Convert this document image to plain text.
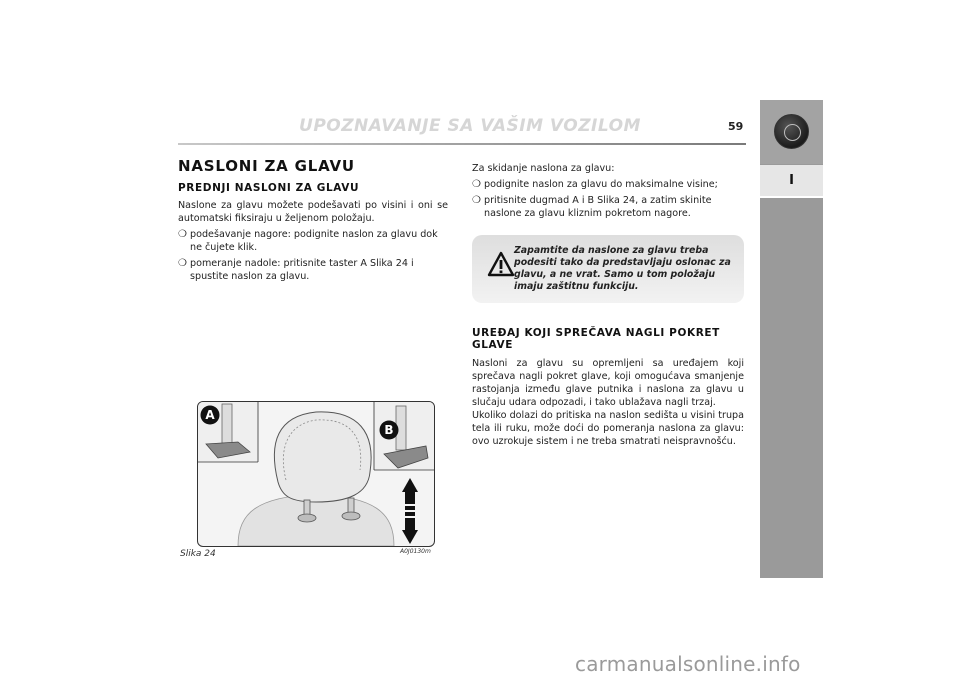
UPOZNAVANJE SA VAŠIM VOZILOM	59
I
NASLONI ZA GLAVU
PREDNJI NASLONI ZA GLAVU

Naslone za glavu možete podešavati po visini i oni se automatski fiksiraju u željenom položaju.

❍ podešavanje nagore: podignite naslon za glavu dok ne čujete klik.
❍ pomeranje nadole: pritisnite taster A Slika 24 i spustite naslon za glavu.
A
B
Slika 24	A0J0130m

Za skidanje naslona za glavu:

❍ podignite naslon za glavu do maksimalne visine;
❍ pritisnite dugmad A i B Slika 24, a zatim skinite naslone za glavu kliznim pokretom nagore.
Zapamtite da naslone za glavu treba podesiti tako da predstavljaju oslonac za glavu, a ne vrat. Samo u tom položaju imaju zaštitnu funkciju.
UREĐAJ KOJI SPREČAVA NAGLI POKRET GLAVE

Nasloni za glavu su opremljeni sa uređajem koji sprečava nagli pokret glave, koji omogućava smanjenje rastojanja između glave putnika i naslona za glavu u slučaju udara odpozadi, i tako ublažava nagli trzaj.

Ukoliko dolazi do pritiska na naslon sedišta u visini trupa tela ili ruku, može doći do pomeranja naslona za glavu: ovo uzrokuje sistem i ne treba smatrati neispravnošću.

carmanualsonline.info
